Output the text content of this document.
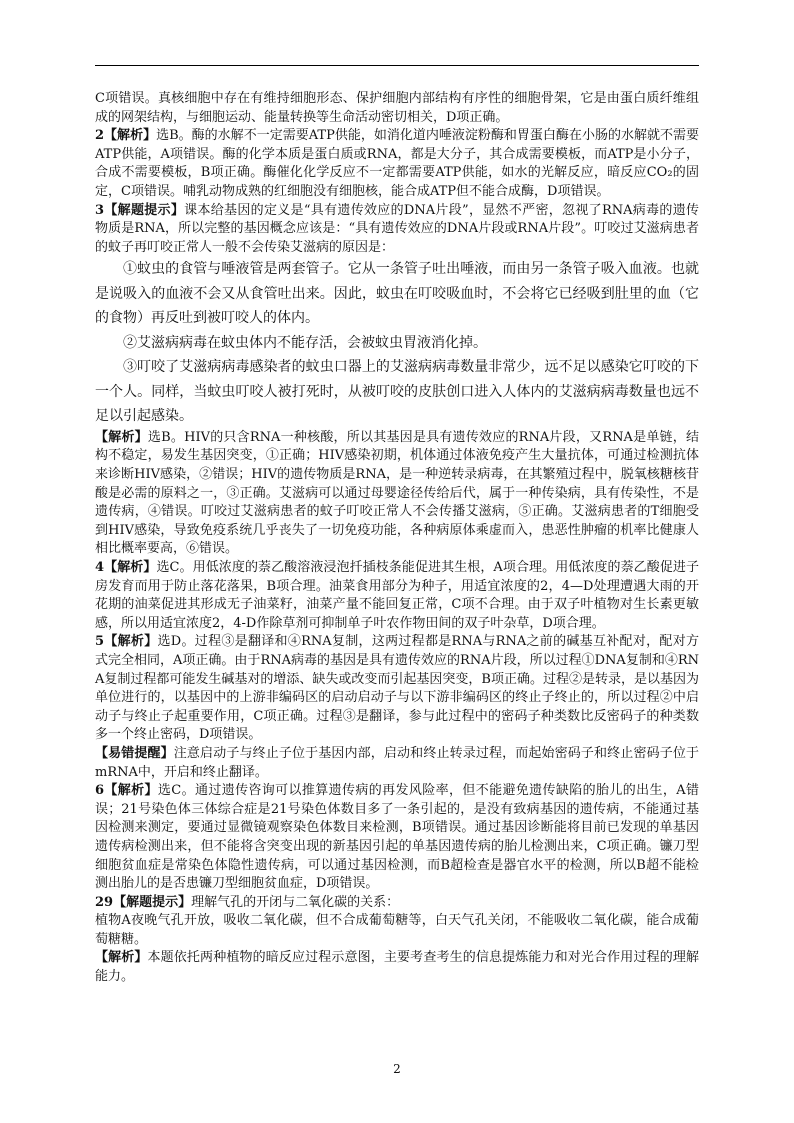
C项错误。真核细胞中存在有维持细胞形态、保护细胞内部结构有序性的细胞骨架，它是由蛋白质纤维组成的网架结构，与细胞运动、能量转换等生命活动密切相关，D项正确。

2【解析】选B。酶的水解不一定需要ATP供能，如消化道内唾液淀粉酶和胃蛋白酶在小肠的水解就不需要ATP供能，A项错误。酶的化学本质是蛋白质或RNA，都是大分子，其合成需要模板，而ATP是小分子，合成不需要模板，B项正确。酶催化化学反应不一定都需要ATP供能，如水的光解反应，暗反应CO₂的固定，C项错误。哺乳动物成熟的红细胞没有细胞核，能合成ATP但不能合成酶，D项错误。

3【解题提示】课本给基因的定义是“具有遗传效应的DNA片段”，显然不严密，忽视了RNA病毒的遗传物质是RNA，所以完整的基因概念应该是：“具有遗传效应的DNA片段或RNA片段”。叮咬过艾滋病患者的蚊子再叮咬正常人一般不会传染艾滋病的原因是：

①蚊虫的食管与唾液管是两套管子。它从一条管子吐出唾液，而由另一条管子吸入血液。也就是说吸入的血液不会又从食管吐出来。因此，蚊虫在叮咬吸血时，不会将它已经吸到肚里的血（它的食物）再反吐到被叮咬人的体内。

②艾滋病病毒在蚊虫体内不能存活，会被蚊虫胃液消化掉。

③叮咬了艾滋病病毒感染者的蚊虫口器上的艾滋病病毒数量非常少，远不足以感染它叮咬的下一个人。同样，当蚊虫叮咬人被打死时，从被叮咬的皮肤创口进入人体内的艾滋病病毒数量也远不足以引起感染。

【解析】选B。HIV的只含RNA一种核酸，所以其基因是具有遗传效应的RNA片段，又RNA是单链，结构不稳定，易发生基因突变，①正确；HIV感染初期，机体通过体液免疫产生大量抗体，可通过检测抗体来诊断HIV感染，②错误；HIV的遗传物质是RNA，是一种逆转录病毒，在其繁殖过程中，脱氧核糖核苷酸是必需的原料之一，③正确。艾滋病可以通过母婴途径传给后代，属于一种传染病，具有传染性，不是遗传病，④错误。叮咬过艾滋病患者的蚊子叮咬正常人不会传播艾滋病，⑤正确。艾滋病患者的T细胞受到HIV感染，导致免疫系统几乎丧失了一切免疫功能，各种病原体乘虚而入，患恶性肿瘤的机率比健康人相比概率要高，⑥错误。

4【解析】选C。用低浓度的萘乙酸溶液浸泡扦插枝条能促进其生根，A项合理。用低浓度的萘乙酸促进子房发育而用于防止落花落果，B项合理。油菜食用部分为种子，用适宜浓度的2，4—D处理遭遇大雨的开花期的油菜促进其形成无子油菜籽，油菜产量不能回复正常，C项不合理。由于双子叶植物对生长素更敏感，所以用适宜浓度2，4-D作除草剂可抑制单子叶农作物田间的双子叶杂草，D项合理。

5【解析】选D。过程③是翻译和④RNA复制，这两过程都是RNA与RNA之前的碱基互补配对，配对方式完全相同，A项正确。由于RNA病毒的基因是具有遗传效应的RNA片段，所以过程①DNA复制和④RNA复制过程都可能发生碱基对的增添、缺失或改变而引起基因突变，B项正确。过程②是转录，是以基因为单位进行的，以基因中的上游非编码区的启动启动子与以下游非编码区的终止子终止的，所以过程②中启动子与终止子起重要作用，C项正确。过程③是翻译，参与此过程中的密码子种类数比反密码子的种类数多一个终止密码，D项错误。

【易错提醒】注意启动子与终止子位于基因内部，启动和终止转录过程，而起始密码子和终止密码子位于mRNA中，开启和终止翻译。

6【解析】选C。通过遗传咨询可以推算遗传病的再发风险率，但不能避免遗传缺陷的胎儿的出生，A错误；21号染色体三体综合症是21号染色体数目多了一条引起的，是没有致病基因的遗传病，不能通过基因检测来测定，要通过显微镜观察染色体数目来检测，B项错误。通过基因诊断能将目前已发现的单基因遗传病检测出来，但不能将含突变出现的新基因引起的单基因遗传病的胎儿检测出来，C项正确。镰刀型细胞贫血症是常染色体隐性遗传病，可以通过基因检测，而B超检查是器官水平的检测，所以B超不能检测出胎儿的是否患镰刀型细胞贫血症，D项错误。

29【解题提示】理解气孔的开闭与二氧化碳的关系：

植物A夜晚气孔开放，吸收二氧化碳，但不合成葡萄糖等，白天气孔关闭，不能吸收二氧化碳，能合成葡萄糖糖。

【解析】本题依托两种植物的暗反应过程示意图，主要考查考生的信息提炼能力和对光合作用过程的理解能力。

2
